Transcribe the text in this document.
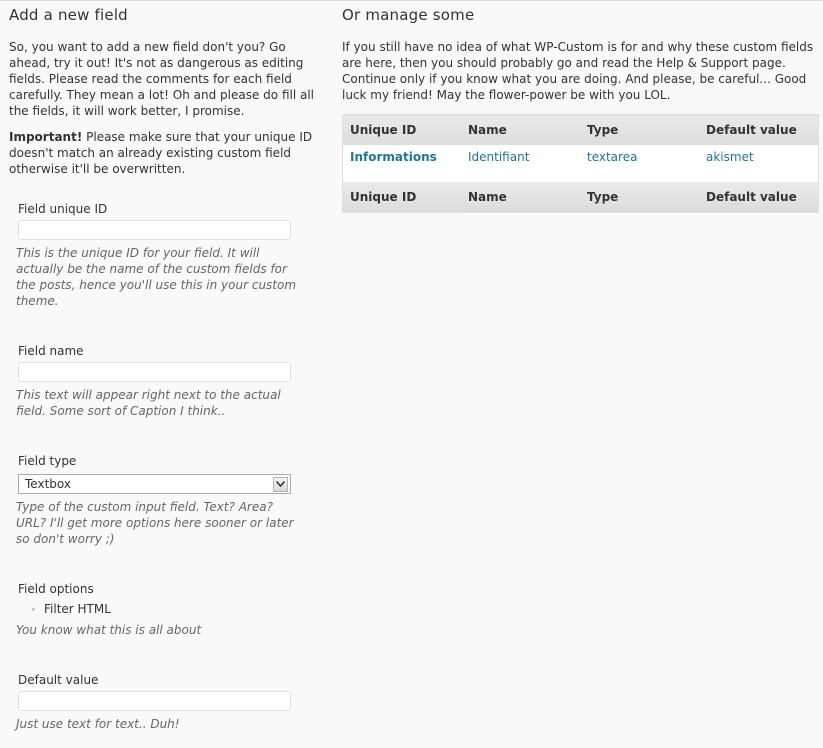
Add a new field

So, you want to add a new field don't you? Go ahead, try it out! It's not as dangerous as editing fields. Please read the comments for each field carefully. They mean a lot! Oh and please do fill all the fields, it will work better, I promise.

Important! Please make sure that your unique ID doesn't match an already existing custom field otherwise it'll be overwritten.

Field unique ID
This is the unique ID for your field. It will actually be the name of the custom fields for the posts, hence you'll use this in your custom theme.
Field name
This text will appear right next to the actual field. Some sort of Caption I think..
Field type
Textbox
Type of the custom input field. Text? Area? URL? I'll get more options here sooner or later so don't worry ;)
Field options
Filter HTML
You know what this is all about
Default value
Just use text for text.. Duh!
Or manage some

If you still have no idea of what WP-Custom is for and why these custom fields are here, then you should probably go and read the Help & Support page. Continue only if you know what you are doing. And please, be careful... Good luck my friend! May the flower-power be with you LOL.

Unique ID	Name	Type	Default value
Informations	Identifiant	textarea	akismet
Unique ID	Name	Type	Default value
